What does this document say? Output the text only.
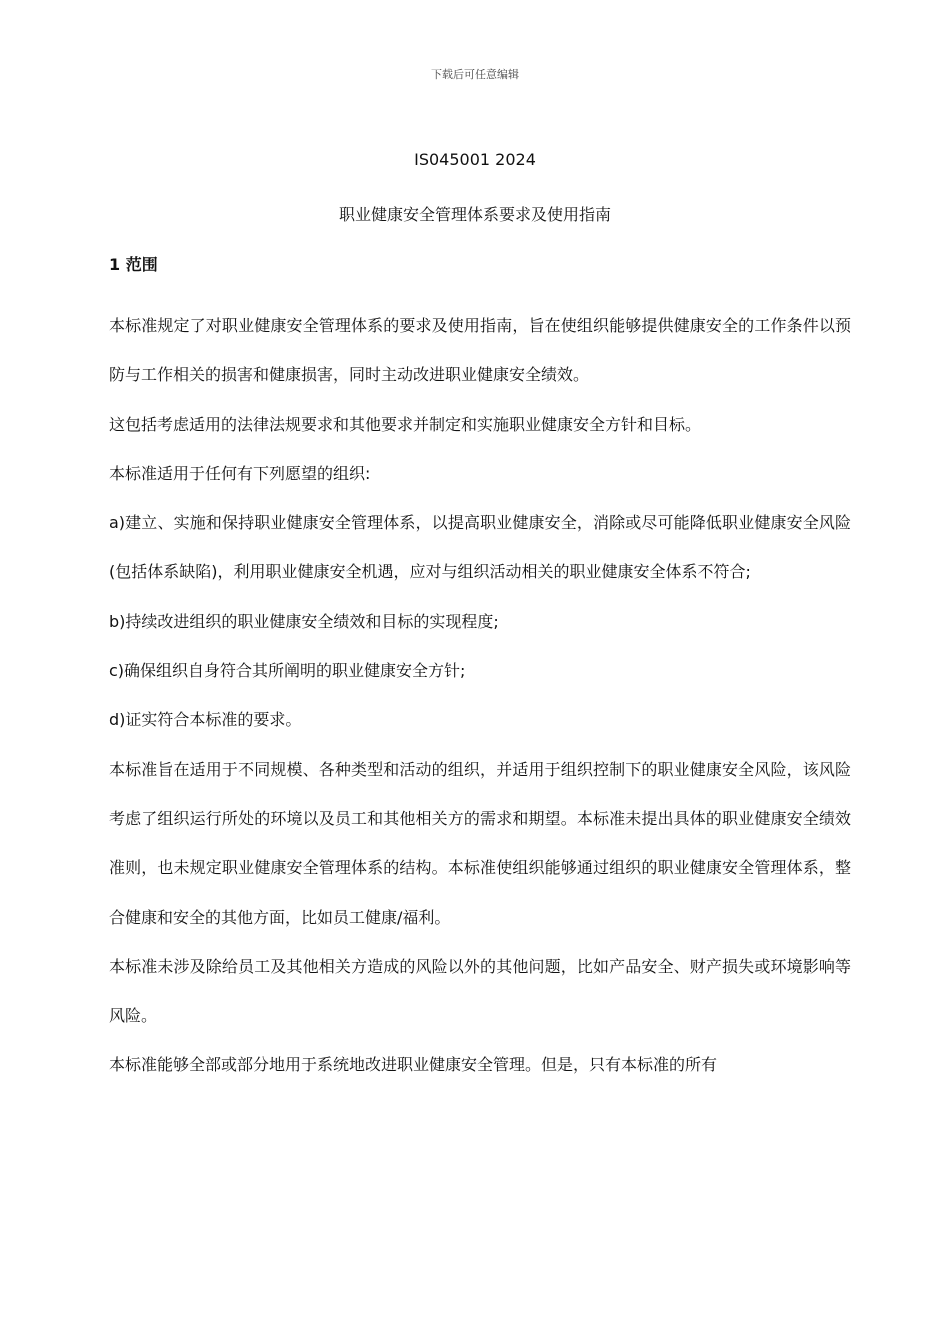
下载后可任意编辑
IS045001 2024
职业健康安全管理体系要求及使用指南
1 范围

本标准规定了对职业健康安全管理体系的要求及使用指南，旨在使组织能够提供健康安全的工作条件以预防与工作相关的损害和健康损害，同时主动改进职业健康安全绩效。

这包括考虑适用的法律法规要求和其他要求并制定和实施职业健康安全方针和目标。

本标准适用于任何有下列愿望的组织:

a)建立、实施和保持职业健康安全管理体系，以提高职业健康安全，消除或尽可能降低职业健康安全风险(包括体系缺陷)，利用职业健康安全机遇，应对与组织活动相关的职业健康安全体系不符合;

b)持续改进组织的职业健康安全绩效和目标的实现程度;

c)确保组织自身符合其所阐明的职业健康安全方针;

d)证实符合本标准的要求。

本标准旨在适用于不同规模、各种类型和活动的组织，并适用于组织控制下的职业健康安全风险，该风险考虑了组织运行所处的环境以及员工和其他相关方的需求和期望。本标准未提出具体的职业健康安全绩效准则，也未规定职业健康安全管理体系的结构。本标准使组织能够通过组织的职业健康安全管理体系，整合健康和安全的其他方面，比如员工健康/福利。

本标准未涉及除给员工及其他相关方造成的风险以外的其他问题，比如产品安全、财产损失或环境影响等风险。

本标准能够全部或部分地用于系统地改进职业健康安全管理。但是，只有本标准的所有
